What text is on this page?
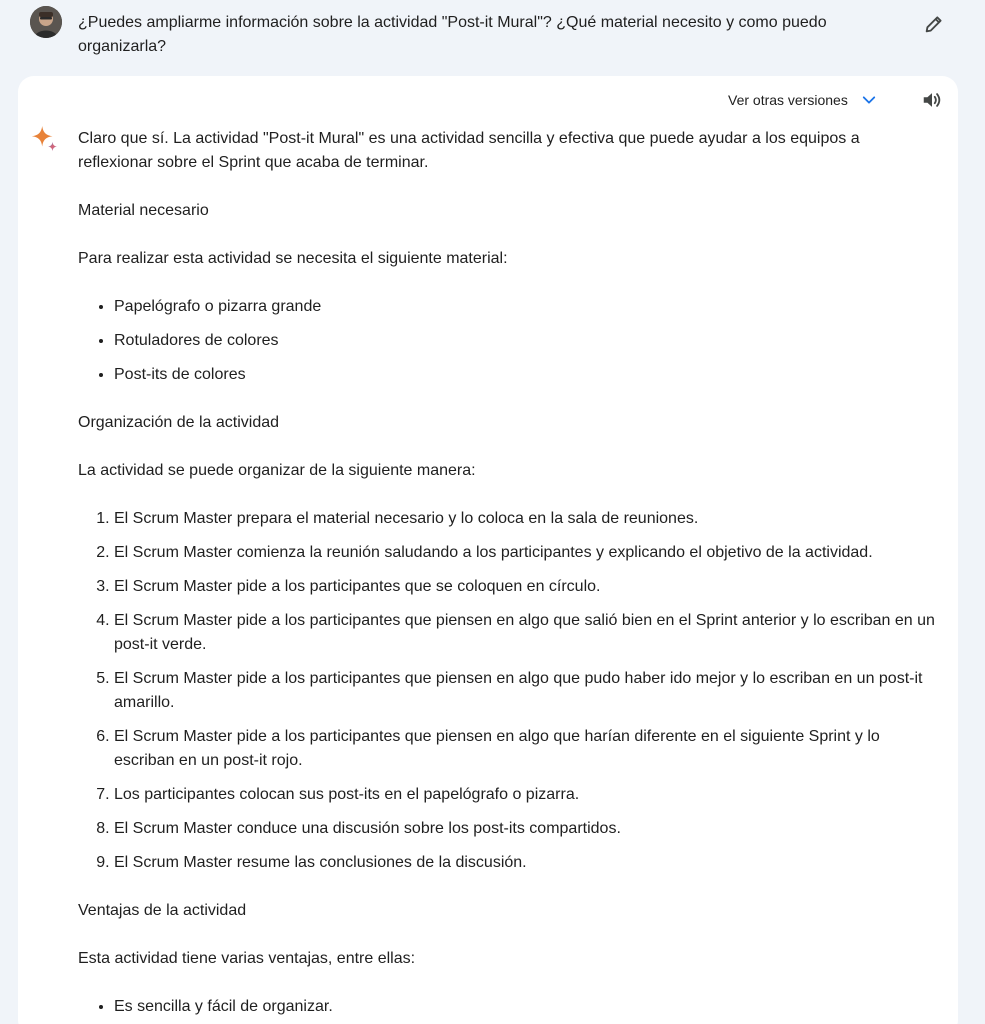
¿Puedes ampliarme información sobre la actividad "Post-it Mural"? ¿Qué material necesito y como puedo organizarla?
Ver otras versiones

Claro que sí. La actividad "Post-it Mural" es una actividad sencilla y efectiva que puede ayudar a los equipos a reflexionar sobre el Sprint que acaba de terminar.

Material necesario

Para realizar esta actividad se necesita el siguiente material:

• Papelógrafo o pizarra grande
• Rotuladores de colores
• Post-its de colores
Organización de la actividad

La actividad se puede organizar de la siguiente manera:

1. El Scrum Master prepara el material necesario y lo coloca en la sala de reuniones.
2. El Scrum Master comienza la reunión saludando a los participantes y explicando el objetivo de la actividad.
3. El Scrum Master pide a los participantes que se coloquen en círculo.
4. El Scrum Master pide a los participantes que piensen en algo que salió bien en el Sprint anterior y lo escriban en un post-it verde.
5. El Scrum Master pide a los participantes que piensen en algo que pudo haber ido mejor y lo escriban en un post-it amarillo.
6. El Scrum Master pide a los participantes que piensen en algo que harían diferente en el siguiente Sprint y lo escriban en un post-it rojo.
7. Los participantes colocan sus post-its en el papelógrafo o pizarra.
8. El Scrum Master conduce una discusión sobre los post-its compartidos.
9. El Scrum Master resume las conclusiones de la discusión.
Ventajas de la actividad

Esta actividad tiene varias ventajas, entre ellas:

• Es sencilla y fácil de organizar.
